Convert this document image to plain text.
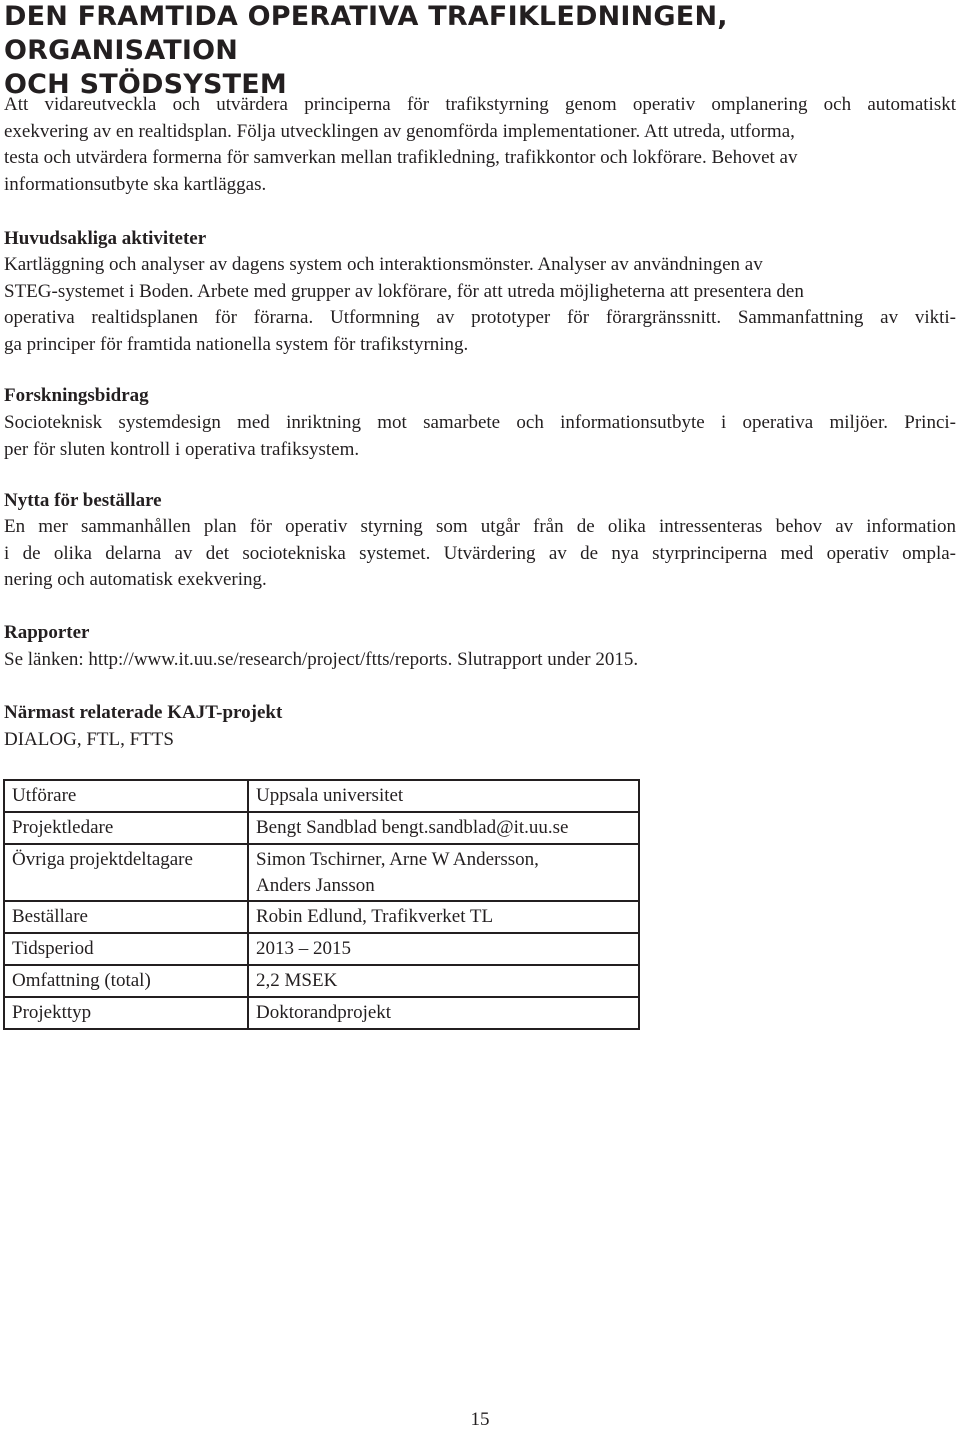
DEN FRAMTIDA OPERATIVA TRAFIKLEDNINGEN, ORGANISATION
OCH STÖDSYSTEM
Att vidareutveckla och utvärdera principerna för trafikstyrning genom operativ omplanering och automatiskt
exekvering av en realtidsplan. Följa utvecklingen av genomförda implementationer. Att utreda, utforma,
testa och utvärdera formerna för samverkan mellan trafikledning, trafikkontor och lokförare. Behovet av
informationsutbyte ska kartläggas.
Huvudsakliga aktiviteter
Kartläggning och analyser av dagens system och interaktionsmönster. Analyser av användningen av
STEG-systemet i Boden. Arbete med grupper av lokförare, för att utreda möjligheterna att presentera den
operativa realtidsplanen för förarna. Utformning av prototyper för förargränssnitt. Sammanfattning av vikti-
ga principer för framtida nationella system för trafikstyrning.
Forskningsbidrag
Socioteknisk systemdesign med inriktning mot samarbete och informationsutbyte i operativa miljöer. Princi-
per för sluten kontroll i operativa trafiksystem.
Nytta för beställare
En mer sammanhållen plan för operativ styrning som utgår från de olika intressenteras behov av information
i de olika delarna av det sociotekniska systemet. Utvärdering av de nya styrprinciperna med operativ ompla-
nering och automatisk exekvering.
Rapporter
Se länken: http://www.it.uu.se/research/project/ftts/reports. Slutrapport under 2015.
Närmast relaterade KAJT-projekt
DIALOG, FTL, FTTS
Utförare	Uppsala universitet
Projektledare	Bengt Sandblad bengt.sandblad@it.uu.se
Övriga projektdeltagare	Simon Tschirner, Arne W Andersson,
Anders Jansson

Beställare	Robin Edlund, Trafikverket TL
Tidsperiod	2013 – 2015
Omfattning (total)	2,2 MSEK
Projekttyp	Doktorandprojekt
15
